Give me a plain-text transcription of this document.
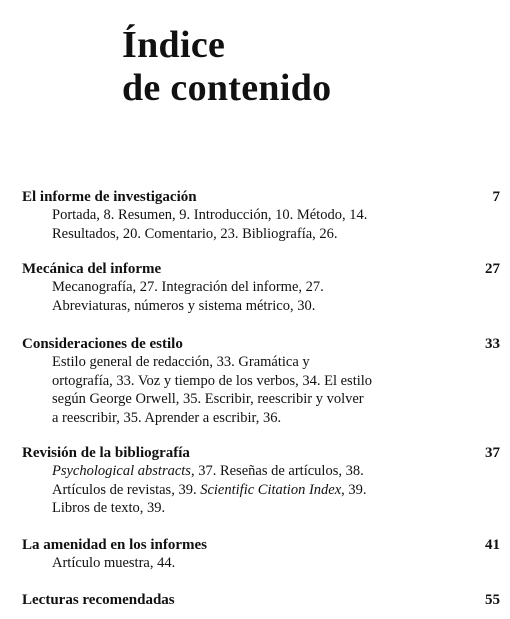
Índice
de contenido
El informe de investigación	7
Portada, 8. Resumen, 9. Introducción, 10. Método, 14.
Resultados, 20. Comentario, 23. Bibliografía, 26.
Mecánica del informe	27
Mecanografía, 27. Integración del informe, 27.
Abreviaturas, números y sistema métrico, 30.
Consideraciones de estilo	33
Estilo general de redacción, 33. Gramática y
ortografía, 33. Voz y tiempo de los verbos, 34. El estilo
según George Orwell, 35. Escribir, reescribir y volver
a reescribir, 35. Aprender a escribir, 36.
Revisión de la bibliografía	37
Psychological abstracts, 37. Reseñas de artículos, 38.
Artículos de revistas, 39. Scientific Citation Index, 39.
Libros de texto, 39.
La amenidad en los informes	41
Artículo muestra, 44.
Lecturas recomendadas	55
